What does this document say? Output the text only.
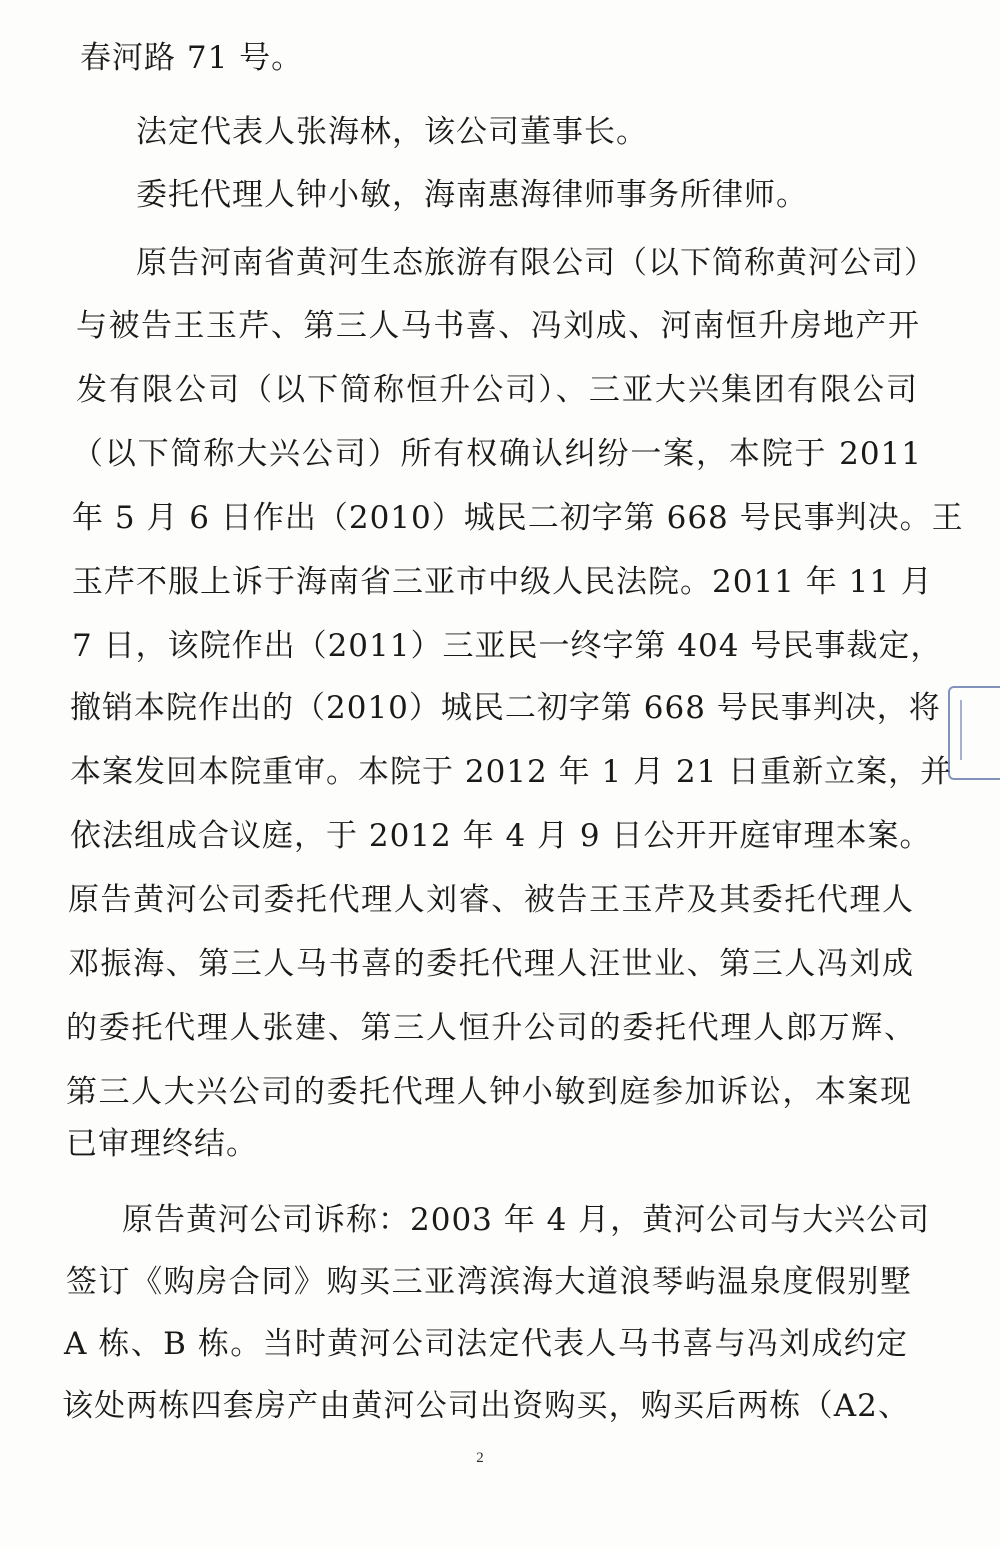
春河路 71 号。
法定代表人张海林，该公司董事长。
委托代理人钟小敏，海南惠海律师事务所律师。
原告河南省黄河生态旅游有限公司（以下简称黄河公司）
与被告王玉芹、第三人马书喜、冯刘成、河南恒升房地产开
发有限公司（以下简称恒升公司）、三亚大兴集团有限公司
（以下简称大兴公司）所有权确认纠纷一案，本院于 2011
年 5 月 6 日作出（2010）城民二初字第 668 号民事判决。王
玉芹不服上诉于海南省三亚市中级人民法院。2011 年 11 月
7 日，该院作出（2011）三亚民一终字第 404 号民事裁定，
撤销本院作出的（2010）城民二初字第 668 号民事判决，将
本案发回本院重审。本院于 2012 年 1 月 21 日重新立案，并
依法组成合议庭，于 2012 年 4 月 9 日公开开庭审理本案。
原告黄河公司委托代理人刘睿、被告王玉芹及其委托代理人
邓振海、第三人马书喜的委托代理人汪世业、第三人冯刘成
的委托代理人张建、第三人恒升公司的委托代理人郎万辉、
第三人大兴公司的委托代理人钟小敏到庭参加诉讼，本案现
已审理终结。
原告黄河公司诉称：2003 年 4 月，黄河公司与大兴公司
签订《购房合同》购买三亚湾滨海大道浪琴屿温泉度假别墅
A 栋、B 栋。当时黄河公司法定代表人马书喜与冯刘成约定
该处两栋四套房产由黄河公司出资购买，购买后两栋（A2、
2
